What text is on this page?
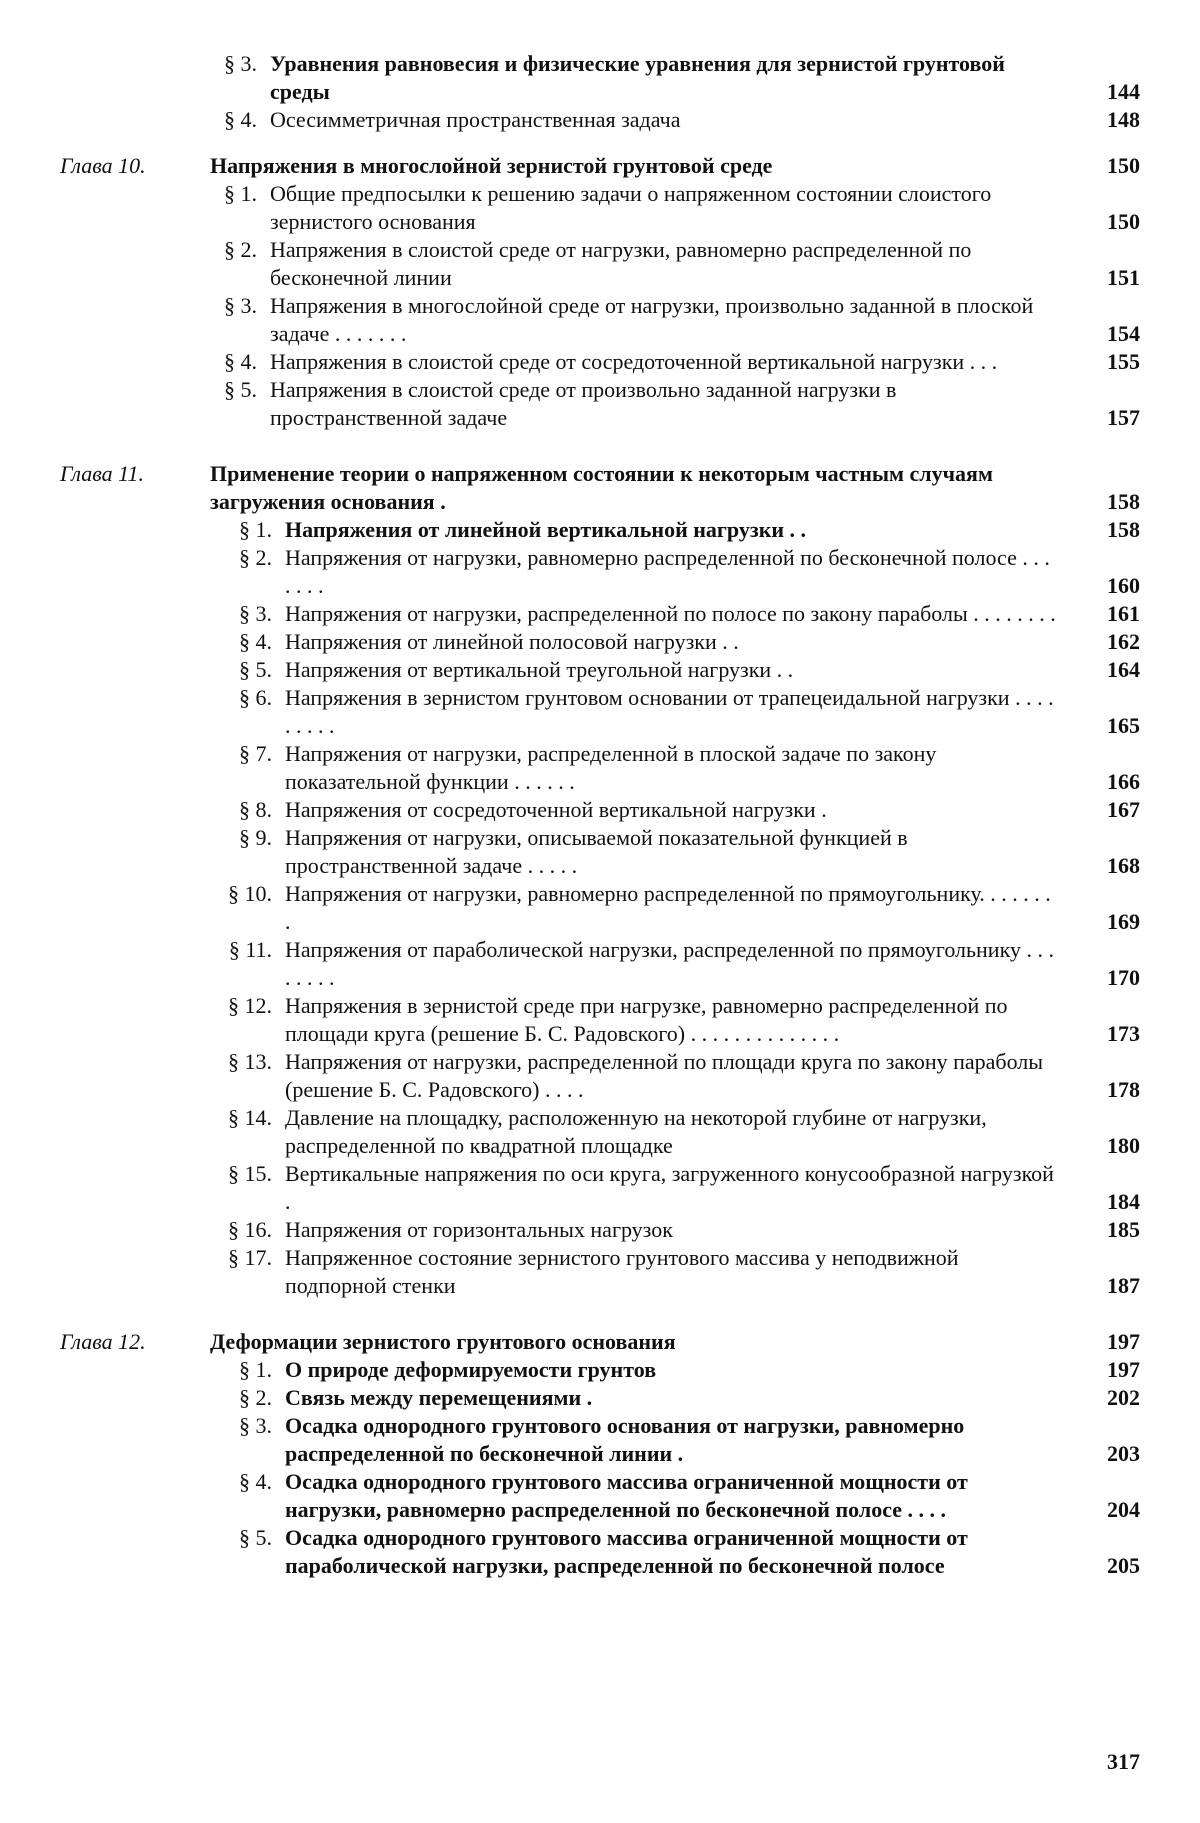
§ 3. Уравнения равновесия и физические уравнения для зернистой грунтовой среды	144
§ 4. Осесимметричная пространственная задача	148
Глава 10.	Напряжения в многослойной зернистой грунтовой среде	150
§ 1. Общие предпосылки к решению задачи о напряженном состоянии слоистого зернистого основания	150
§ 2. Напряжения в слоистой среде от нагрузки, равномерно распределенной по бесконечной линии	151
§ 3. Напряжения в многослойной среде от нагрузки, произвольно заданной в плоской задаче . . . . . . .	154
§ 4. Напряжения в слоистой среде от сосредоточенной вертикальной нагрузки . . .	155
§ 5. Напряжения в слоистой среде от произвольно заданной нагрузки в пространственной задаче	157
Глава 11.	Применение теории о напряженном состоянии к некоторым частным случаям загружения основания .	158
§ 1. Напряжения от линейной вертикальной нагрузки . .	158
§ 2. Напряжения от нагрузки, равномерно распределенной по бесконечной полосе . . . . . . .	160
§ 3. Напряжения от нагрузки, распределенной по полосе по закону параболы . . . . . . . .	161
§ 4. Напряжения от линейной полосовой нагрузки . .	162
§ 5. Напряжения от вертикальной треугольной нагрузки . .	164
§ 6. Напряжения в зернистом грунтовом основании от трапецеидальной нагрузки . . . . . . . . .	165
§ 7. Напряжения от нагрузки, распределенной в плоской задаче по закону показательной функции . . . . . .	166
§ 8. Напряжения от сосредоточенной вертикальной нагрузки .	167
§ 9. Напряжения от нагрузки, описываемой показательной функцией в пространственной задаче . . . . .	168
§ 10. Напряжения от нагрузки, равномерно распределенной по прямоугольнику. . . . . . . .	169
§ 11. Напряжения от параболической нагрузки, распределенной по прямоугольнику . . . . . . . .	170
§ 12. Напряжения в зернистой среде при нагрузке, равномерно распределенной по площади круга (решение Б. С. Радовского) . . . . . . . . . . . . . .	173
§ 13. Напряжения от нагрузки, распределенной по площади круга по закону параболы (решение Б. С. Радовского) . . . .	178
§ 14. Давление на площадку, расположенную на некоторой глубине от нагрузки, распределенной по квадратной площадке	180
§ 15. Вертикальные напряжения по оси круга, загруженного конусообразной нагрузкой .	184
§ 16. Напряжения от горизонтальных нагрузок	185
§ 17. Напряженное состояние зернистого грунтового массива у неподвижной подпорной стенки	187
Глава 12.	Деформации зернистого грунтового основания	197
§ 1. О природе деформируемости грунтов	197
§ 2. Связь между перемещениями .	202
§ 3. Осадка однородного грунтового основания от нагрузки, равномерно распределенной по бесконечной линии .	203
§ 4. Осадка однородного грунтового массива ограниченной мощности от нагрузки, равномерно распределенной по бесконечной полосе . . . .	204
§ 5. Осадка однородного грунтового массива ограниченной мощности от параболической нагрузки, распределенной по бесконечной полосе	205
317
